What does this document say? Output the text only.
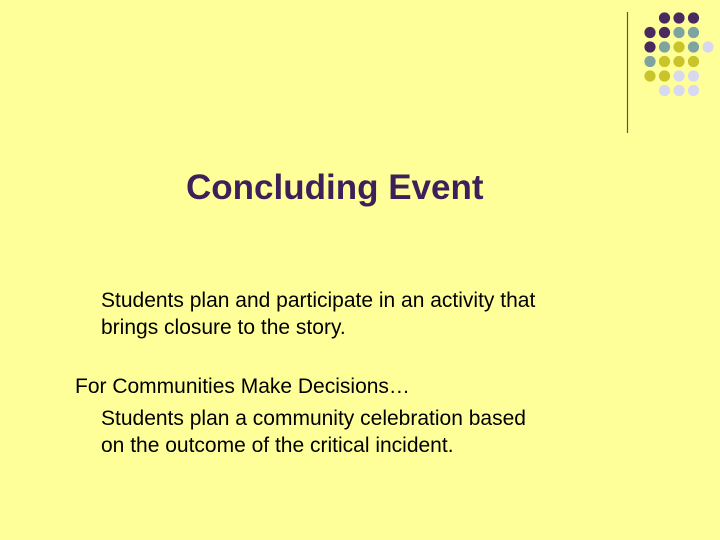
Concluding Event

Students plan and participate in an activity that

brings closure to the story.

For Communities Make Decisions…

Students plan a community celebration based

on the outcome of the critical incident.
